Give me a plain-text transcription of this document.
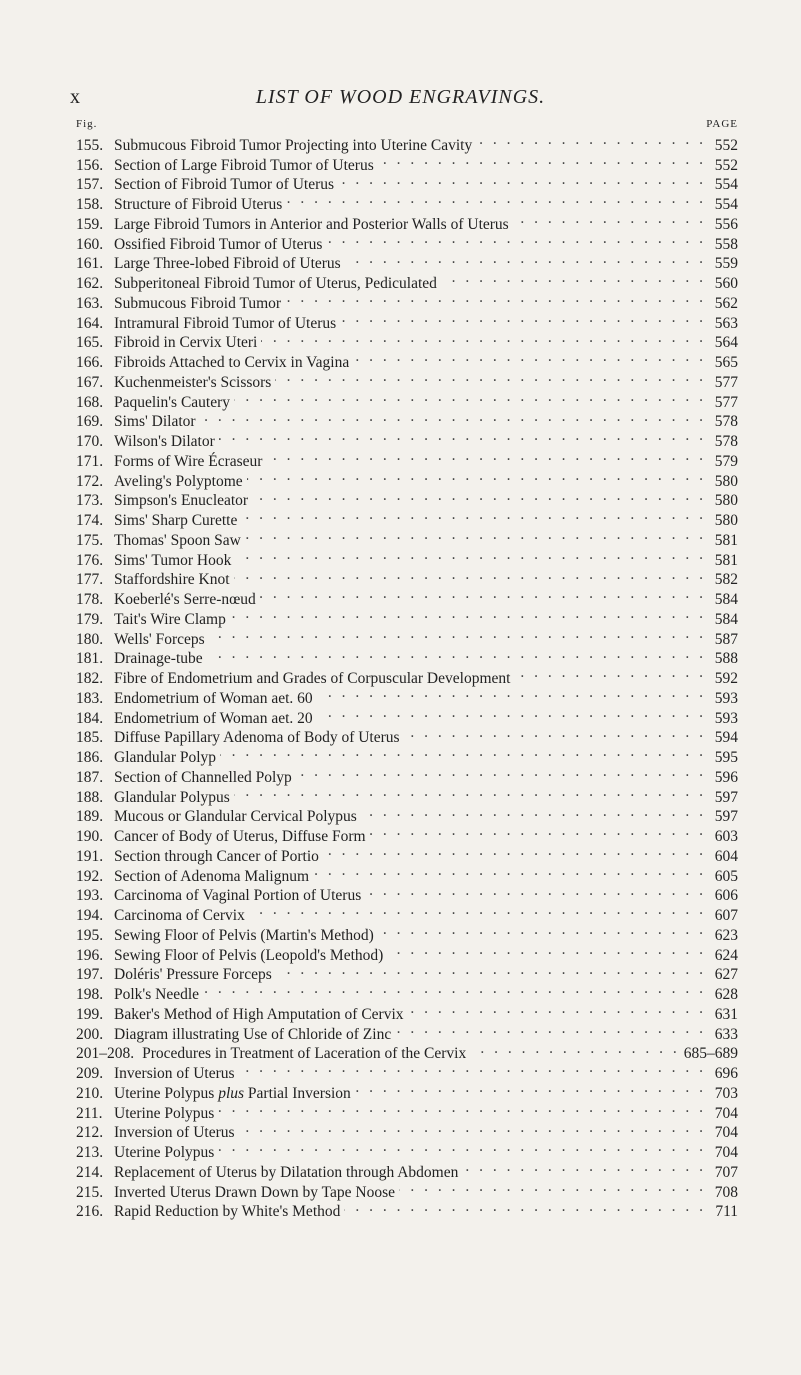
x	LIST OF WOOD ENGRAVINGS.
Fig.	PAGE
155. Submucous Fibroid Tumor Projecting into Uterine Cavity . . .	552
156. Section of Large Fibroid Tumor of Uterus . . .	552
157. Section of Fibroid Tumor of Uterus . . .	554
158. Structure of Fibroid Uterus . . .	554
159. Large Fibroid Tumors in Anterior and Posterior Walls of Uterus . . .	556
160. Ossified Fibroid Tumor of Uterus . . .	558
161. Large Three-lobed Fibroid of Uterus . . .	559
162. Subperitoneal Fibroid Tumor of Uterus, Pediculated . . .	560
163. Submucous Fibroid Tumor . . .	562
164. Intramural Fibroid Tumor of Uterus . . .	563
165. Fibroid in Cervix Uteri . . .	564
166. Fibroids Attached to Cervix in Vagina . . .	565
167. Kuchenmeister's Scissors . . .	577
168. Paquelin's Cautery . . .	577
169. Sims' Dilator . . .	578
170. Wilson's Dilator . . .	578
171. Forms of Wire Écraseur . . .	579
172. Aveling's Polyptome . . .	580
173. Simpson's Enucleator . . .	580
174. Sims' Sharp Curette . . .	580
175. Thomas' Spoon Saw . . .	581
176. Sims' Tumor Hook . . .	581
177. Staffordshire Knot . . .	582
178. Koeberlé's Serre-nœud . . .	584
179. Tait's Wire Clamp . . .	584
180. Wells' Forceps . . .	587
181. Drainage-tube . . .	588
182. Fibre of Endometrium and Grades of Corpuscular Development . . .	592
183. Endometrium of Woman aet. 60 . . .	593
184. Endometrium of Woman aet. 20 . . .	593
185. Diffuse Papillary Adenoma of Body of Uterus . . .	594
186. Glandular Polyp . . .	595
187. Section of Channelled Polyp . . .	596
188. Glandular Polypus . . .	597
189. Mucous or Glandular Cervical Polypus . . .	597
190. Cancer of Body of Uterus, Diffuse Form . . .	603
191. Section through Cancer of Portio . . .	604
192. Section of Adenoma Malignum . . .	605
193. Carcinoma of Vaginal Portion of Uterus . . .	606
194. Carcinoma of Cervix . . .	607
195. Sewing Floor of Pelvis (Martin's Method) . . .	623
196. Sewing Floor of Pelvis (Leopold's Method) . . .	624
197. Doléris' Pressure Forceps . . .	627
198. Polk's Needle . . .	628
199. Baker's Method of High Amputation of Cervix . . .	631
200. Diagram illustrating Use of Chloride of Zinc . . .	633
201–208. Procedures in Treatment of Laceration of the Cervix . . .	685–689
209. Inversion of Uterus . . .	696
210. Uterine Polypus plus Partial Inversion . . .	703
211. Uterine Polypus . . .	704
212. Inversion of Uterus . . .	704
213. Uterine Polypus . . .	704
214. Replacement of Uterus by Dilatation through Abdomen . . .	707
215. Inverted Uterus Drawn Down by Tape Noose . . .	708
216. Rapid Reduction by White's Method . . .	711
